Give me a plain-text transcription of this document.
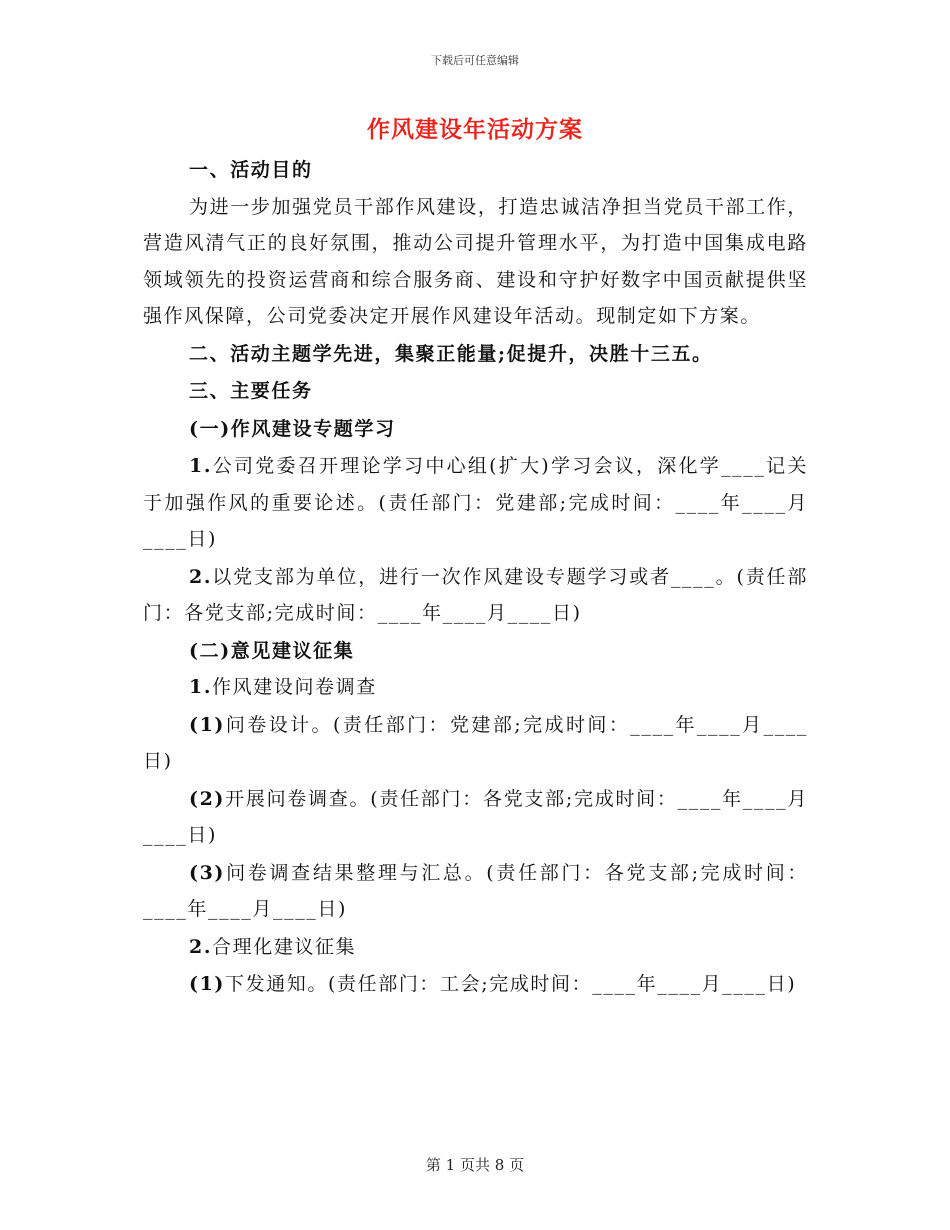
下载后可任意编辑
作风建设年活动方案

一、活动目的

为进一步加强党员干部作风建设，打造忠诚洁净担当党员干部工作，营造风清气正的良好氛围，推动公司提升管理水平，为打造中国集成电路领域领先的投资运营商和综合服务商、建设和守护好数字中国贡献提供坚强作风保障，公司党委决定开展作风建设年活动。现制定如下方案。

二、活动主题学先进，集聚正能量;促提升，决胜十三五。

三、主要任务

(一)作风建设专题学习

1.公司党委召开理论学习中心组(扩大)学习会议，深化学____记关于加强作风的重要论述。(责任部门：党建部;完成时间：____年____月____日)

2.以党支部为单位，进行一次作风建设专题学习或者____。(责任部门：各党支部;完成时间：____年____月____日)

(二)意见建议征集

1.作风建设问卷调查

(1)问卷设计。(责任部门：党建部;完成时间：____年____月____日)

(2)开展问卷调查。(责任部门：各党支部;完成时间：____年____月____日)

(3)问卷调查结果整理与汇总。(责任部门：各党支部;完成时间：____年____月____日)

2.合理化建议征集

(1)下发通知。(责任部门：工会;完成时间：____年____月____日)

第 1 页共 8 页
